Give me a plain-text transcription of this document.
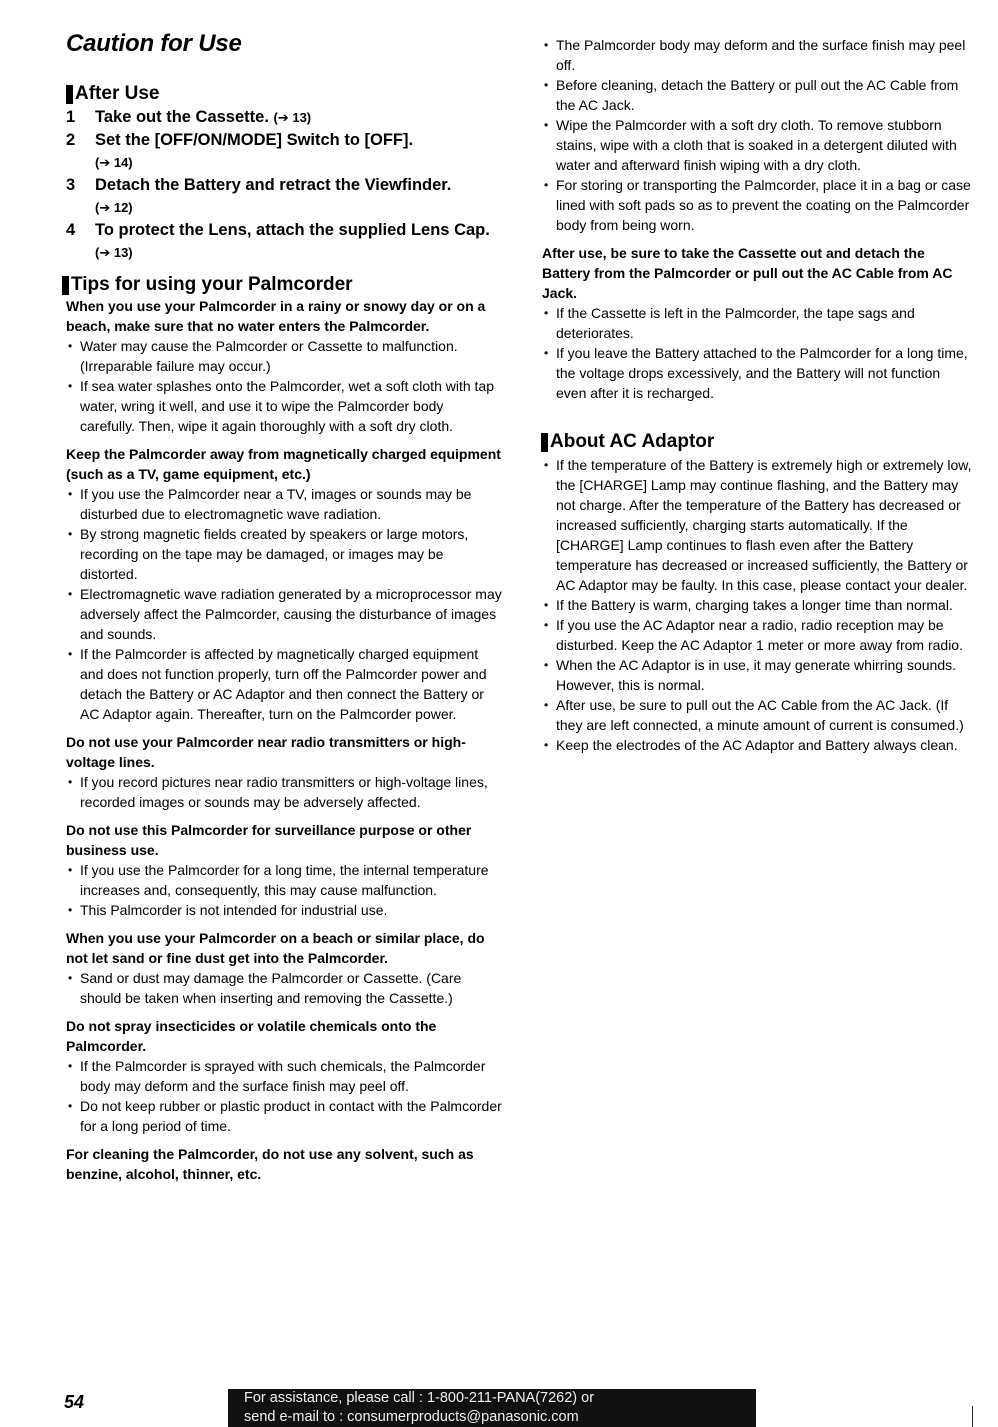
Caution for Use
After Use
1	Take out the Cassette. (➔ 13)
2	Set the [OFF/ON/MODE] Switch to [OFF].
(➔ 14)
3	Detach the Battery and retract the Viewfinder.
(➔ 12)
4	To protect the Lens, attach the supplied Lens Cap. (➔ 13)
Tips for using your Palmcorder

When you use your Palmcorder in a rainy or snowy day or on a beach, make sure that no water enters the Palmcorder.

• Water may cause the Palmcorder or Cassette to malfunction. (Irreparable failure may occur.)

• If sea water splashes onto the Palmcorder, wet a soft cloth with tap water, wring it well, and use it to wipe the Palmcorder body carefully. Then, wipe it again thoroughly with a soft dry cloth.

Keep the Palmcorder away from magnetically charged equipment (such as a TV, game equipment, etc.)

• If you use the Palmcorder near a TV, images or sounds may be disturbed due to electromagnetic wave radiation.

• By strong magnetic fields created by speakers or large motors, recording on the tape may be damaged, or images may be distorted.

• Electromagnetic wave radiation generated by a microprocessor may adversely affect the Palmcorder, causing the disturbance of images and sounds.

• If the Palmcorder is affected by magnetically charged equipment and does not function properly, turn off the Palmcorder power and detach the Battery or AC Adaptor and then connect the Battery or AC Adaptor again. Thereafter, turn on the Palmcorder power.

Do not use your Palmcorder near radio transmitters or high-voltage lines.

• If you record pictures near radio transmitters or high-voltage lines, recorded images or sounds may be adversely affected.

Do not use this Palmcorder for surveillance purpose or other business use.

• If you use the Palmcorder for a long time, the internal temperature increases and, consequently, this may cause malfunction.

• This Palmcorder is not intended for industrial use.

When you use your Palmcorder on a beach or similar place, do not let sand or fine dust get into the Palmcorder.

• Sand or dust may damage the Palmcorder or Cassette. (Care should be taken when inserting and removing the Cassette.)

Do not spray insecticides or volatile chemicals onto the Palmcorder.

• If the Palmcorder is sprayed with such chemicals, the Palmcorder body may deform and the surface finish may peel off.

• Do not keep rubber or plastic product in contact with the Palmcorder for a long period of time.

For cleaning the Palmcorder, do not use any solvent, such as benzine, alcohol, thinner, etc.

• The Palmcorder body may deform and the surface finish may peel off.

• Before cleaning, detach the Battery or pull out the AC Cable from the AC Jack.

• Wipe the Palmcorder with a soft dry cloth. To remove stubborn stains, wipe with a cloth that is soaked in a detergent diluted with water and afterward finish wiping with a dry cloth.

• For storing or transporting the Palmcorder, place it in a bag or case lined with soft pads so as to prevent the coating on the Palmcorder body from being worn.

After use, be sure to take the Cassette out and detach the Battery from the Palmcorder or pull out the AC Cable from AC Jack.

• If the Cassette is left in the Palmcorder, the tape sags and deteriorates.

• If you leave the Battery attached to the Palmcorder for a long time, the voltage drops excessively, and the Battery will not function even after it is recharged.

About AC Adaptor

• If the temperature of the Battery is extremely high or extremely low, the [CHARGE] Lamp may continue flashing, and the Battery may not charge. After the temperature of the Battery has decreased or increased sufficiently, charging starts automatically. If the [CHARGE] Lamp continues to flash even after the Battery temperature has decreased or increased sufficiently, the Battery or AC Adaptor may be faulty. In this case, please contact your dealer.

• If the Battery is warm, charging takes a longer time than normal.

• If you use the AC Adaptor near a radio, radio reception may be disturbed. Keep the AC Adaptor 1 meter or more away from radio.

• When the AC Adaptor is in use, it may generate whirring sounds. However, this is normal.

• After use, be sure to pull out the AC Cable from the AC Jack. (If they are left connected, a minute amount of current is consumed.)

• Keep the electrodes of the AC Adaptor and Battery always clean.

54	For assistance, please call : 1-800-211-PANA(7262) or
send e-mail to : consumerproducts@panasonic.com
